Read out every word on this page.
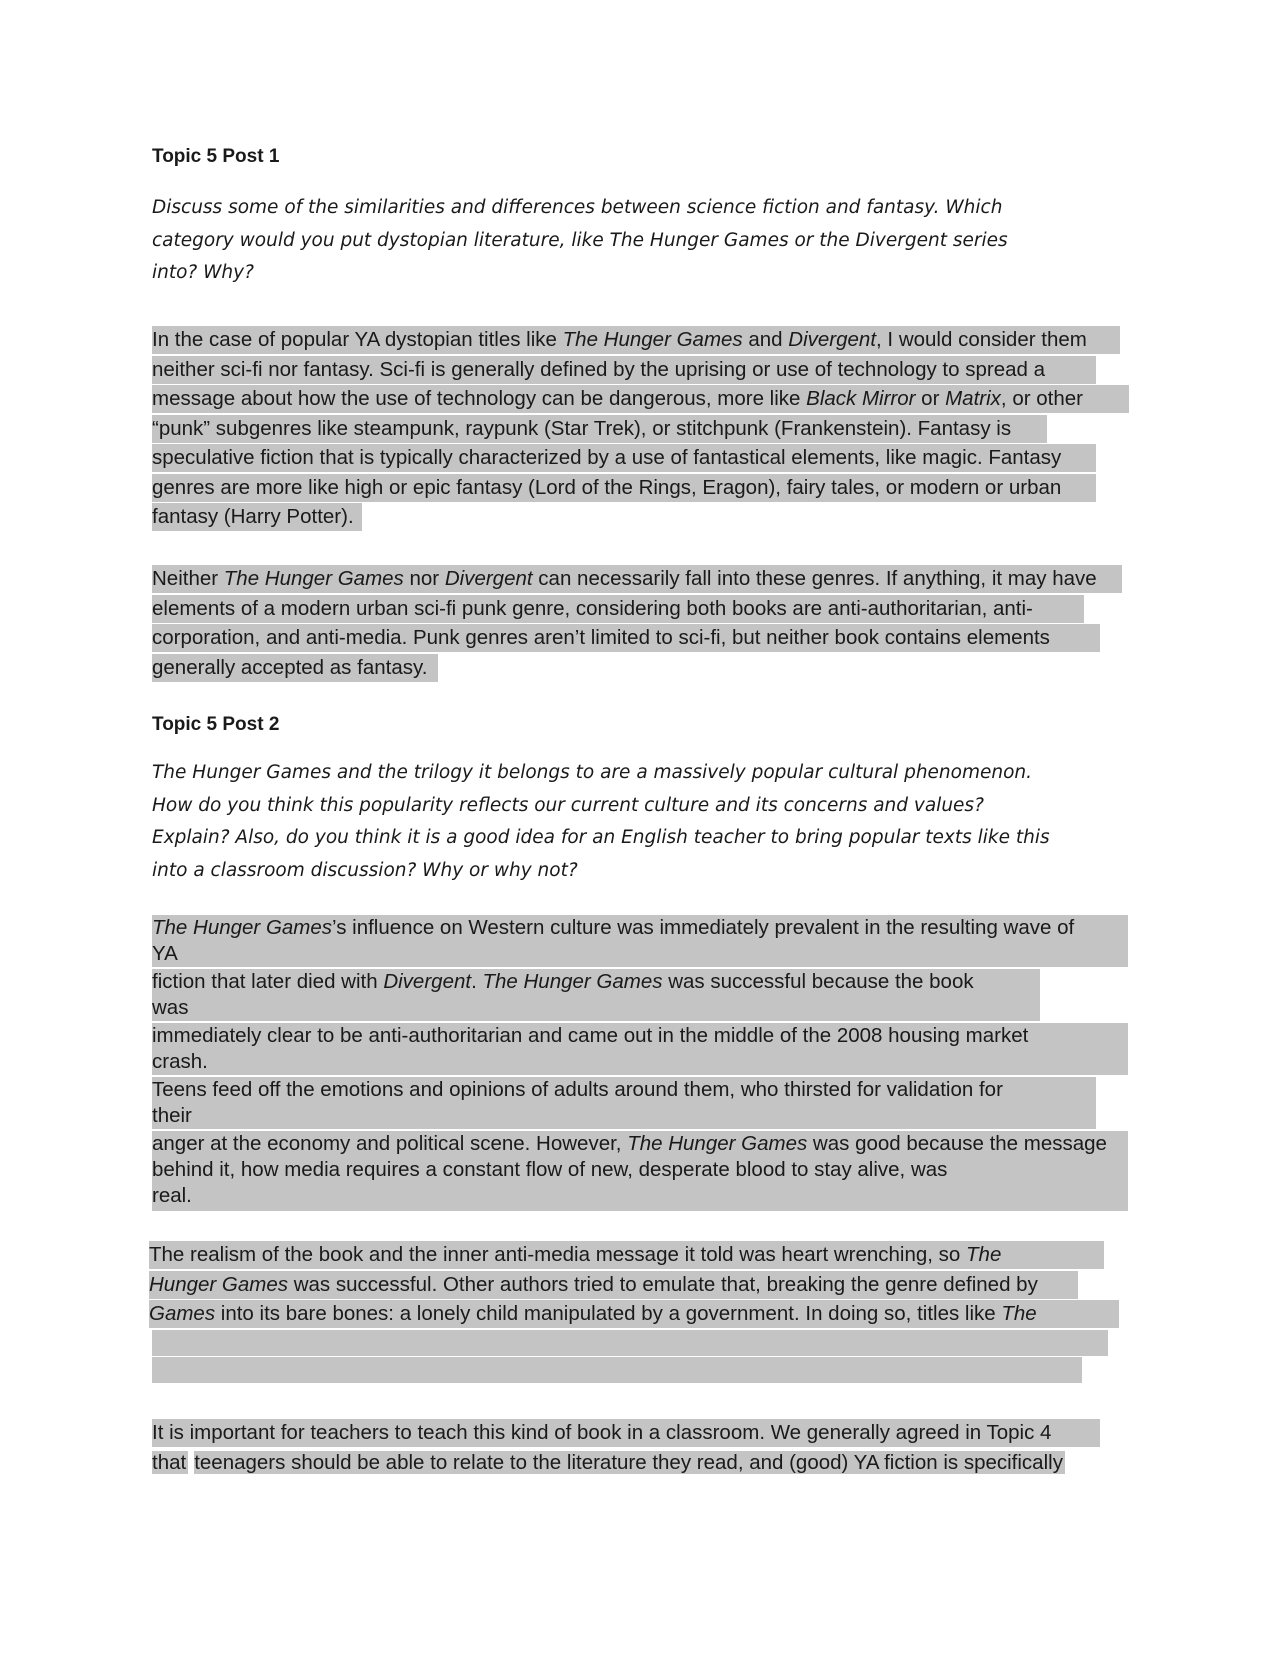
Topic 5 Post 1
Discuss some of the similarities and differences between science fiction and fantasy. Which
category would you put dystopian literature, like The Hunger Games or the Divergent series
into? Why?
In the case of popular YA dystopian titles like The Hunger Games and Divergent, I would consider them
neither sci-fi nor fantasy. Sci-fi is generally defined by the uprising or use of technology to spread a
message about how the use of technology can be dangerous, more like Black Mirror or Matrix, or other
“punk” subgenres like steampunk, raypunk (Star Trek), or stitchpunk (Frankenstein). Fantasy is
speculative fiction that is typically characterized by a use of fantastical elements, like magic. Fantasy
genres are more like high or epic fantasy (Lord of the Rings, Eragon), fairy tales, or modern or urban
fantasy (Harry Potter).
Neither The Hunger Games nor Divergent can necessarily fall into these genres. If anything, it may have
elements of a modern urban sci-fi punk genre, considering both books are anti-authoritarian, anti-
corporation, and anti-media. Punk genres aren’t limited to sci-fi, but neither book contains elements
generally accepted as fantasy.
Topic 5 Post 2
The Hunger Games and the trilogy it belongs to are a massively popular cultural phenomenon.
How do you think this popularity reflects our current culture and its concerns and values?
Explain? Also, do you think it is a good idea for an English teacher to bring popular texts like this
into a classroom discussion? Why or why not?
The Hunger Games’s influence on Western culture was immediately prevalent in the resulting wave of
YA
fiction that later died with Divergent. The Hunger Games was successful because the book
was
immediately clear to be anti-authoritarian and came out in the middle of the 2008 housing market
crash.
Teens feed off the emotions and opinions of adults around them, who thirsted for validation for
their
anger at the economy and political scene. However, The Hunger Games was good because the message
behind it, how media requires a constant flow of new, desperate blood to stay alive, was
real.
The realism of the book and the inner anti-media message it told was heart wrenching, so The
Hunger Games was successful. Other authors tried to emulate that, breaking the genre defined by
Games into its bare bones: a lonely child manipulated by a government. In doing so, titles like The
It is important for teachers to teach this kind of book in a classroom. We generally agreed in Topic 4
that teenagers should be able to relate to the literature they read, and (good) YA fiction is specifically
